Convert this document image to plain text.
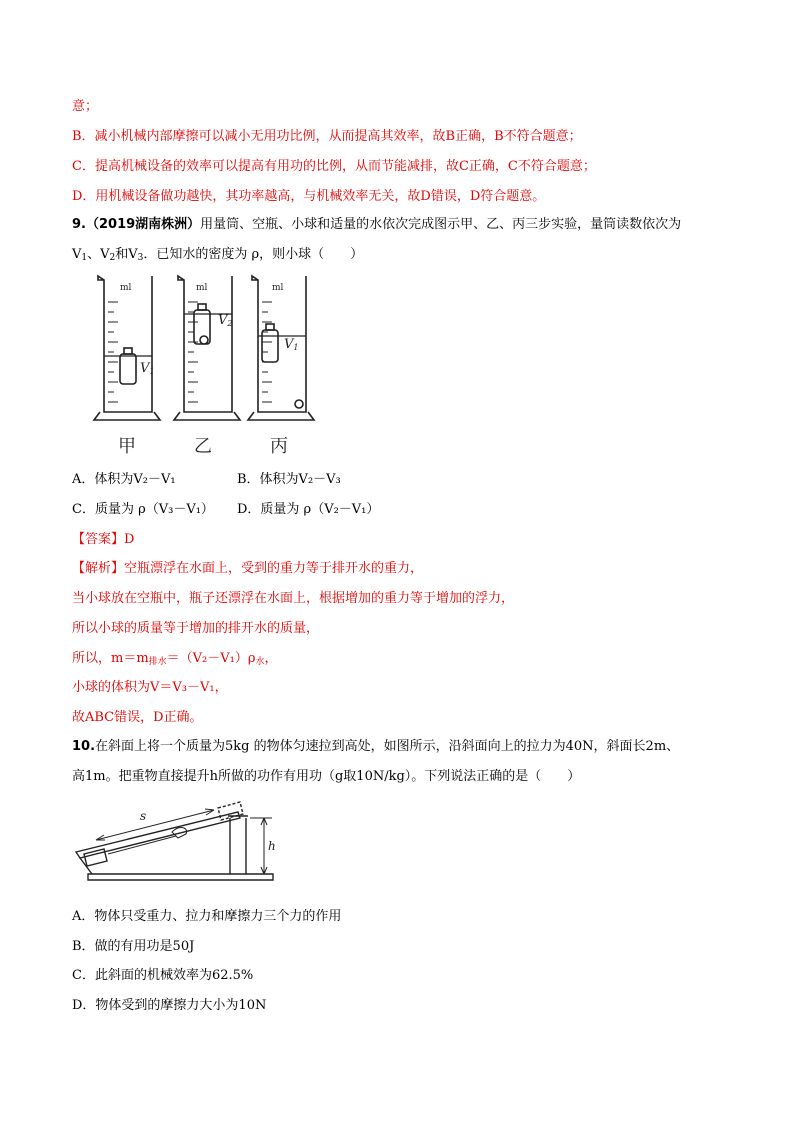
意；
B．减小机械内部摩擦可以减小无用功比例，从而提高其效率，故B正确，B不符合题意；
C．提高机械设备的效率可以提高有用功的比例，从而节能减排，故C正确，C不符合题意；
D．用机械设备做功越快，其功率越高，与机械效率无关，故D错误，D符合题意。
9.（2019湖南株洲）用量筒、空瓶、小球和适量的水依次完成图示甲、乙、丙三步实验，量筒读数依次为
$V_1$、$V_2$和$V_3$．已知水的密度为 ρ，则小球（　　）
ml	ml	ml
V1
V2
V1
甲	乙	丙
A．体积为V₂－V₁	B．体积为V₂－V₃
C．质量为 ρ（V₃－V₁） D．质量为 ρ（V₂－V₁）
【答案】D
【解析】空瓶漂浮在水面上，受到的重力等于排开水的重力，
当小球放在空瓶中，瓶子还漂浮在水面上，根据增加的重力等于增加的浮力，
所以小球的质量等于增加的排开水的质量，
所以，$m=m_{排水}=(V_2-V_1)\rho_水$，
小球的体积为V＝V₃－V₁，
故ABC错误，D正确。
10.在斜面上将一个质量为5kg 的物体匀速拉到高处，如图所示，沿斜面向上的拉力为40N，斜面长2m、
高1m。把重物直接提升h所做的功作有用功（g取10N/kg）。下列说法正确的是（　　）
s
h
A．物体只受重力、拉力和摩擦力三个力的作用
B．做的有用功是50J
C．此斜面的机械效率为62.5%
D．物体受到的摩擦力大小为10N
